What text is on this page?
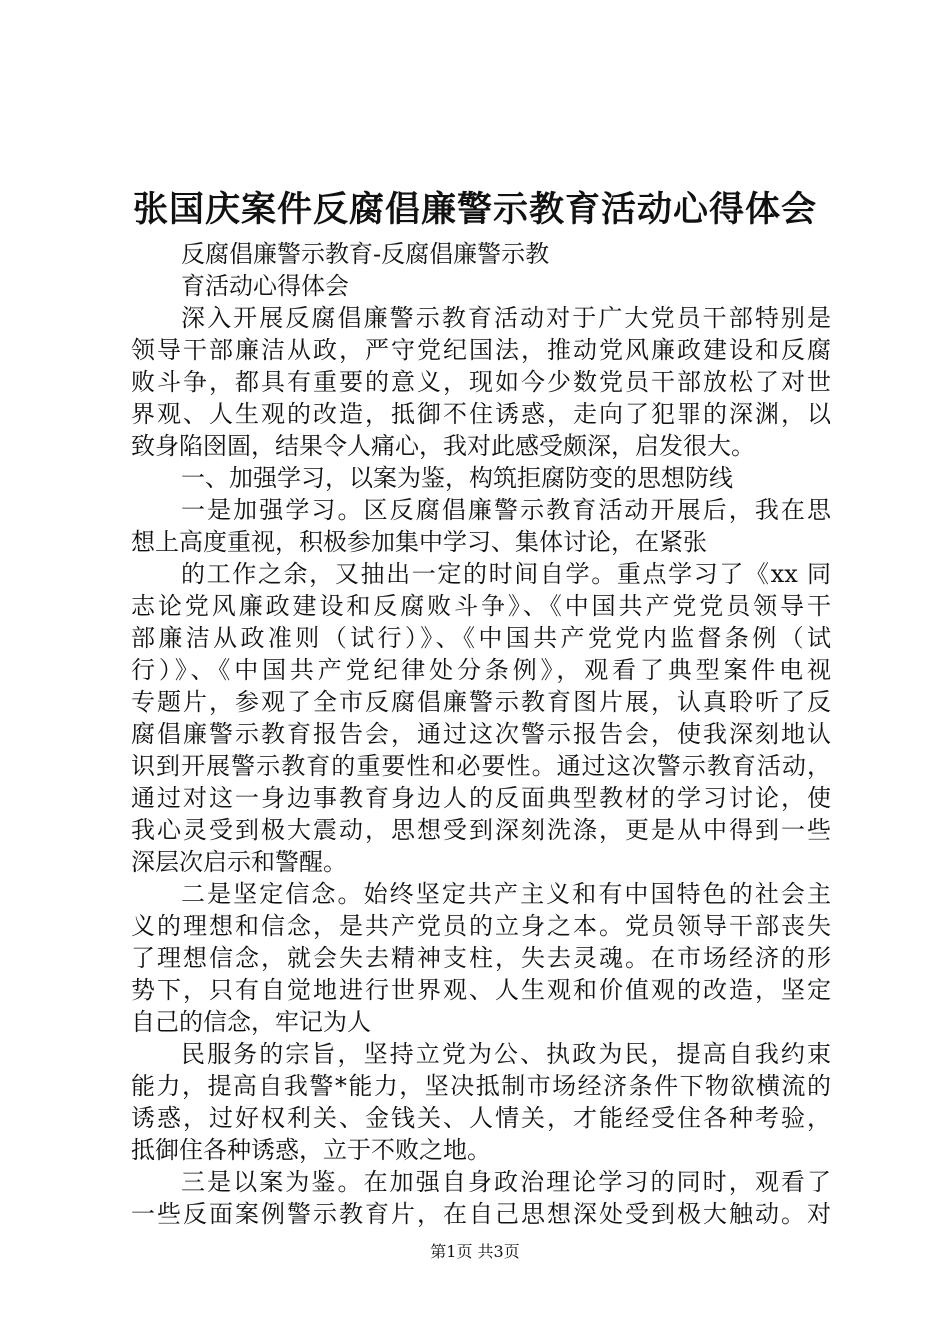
张国庆案件反腐倡廉警示教育活动心得体会
反腐倡廉警示教育-反腐倡廉警示教
育活动心得体会
深入开展反腐倡廉警示教育活动对于广大党员干部特别是
领导干部廉洁从政，严守党纪国法，推动党风廉政建设和反腐
败斗争，都具有重要的意义，现如今少数党员干部放松了对世
界观、人生观的改造，抵御不住诱惑，走向了犯罪的深渊，以
致身陷囹圄，结果令人痛心，我对此感受颇深，启发很大。
一、加强学习，以案为鉴，构筑拒腐防变的思想防线
一是加强学习。区反腐倡廉警示教育活动开展后，我在思
想上高度重视，积极参加集中学习、集体讨论，在紧张
的工作之余，又抽出一定的时间自学。重点学习了《xx 同
志论党风廉政建设和反腐败斗争》、《中国共产党党员领导干
部廉洁从政准则（试行）》、《中国共产党党内监督条例（试
行）》、《中国共产党纪律处分条例》，观看了典型案件电视
专题片，参观了全市反腐倡廉警示教育图片展，认真聆听了反
腐倡廉警示教育报告会，通过这次警示报告会，使我深刻地认
识到开展警示教育的重要性和必要性。通过这次警示教育活动，
通过对这一身边事教育身边人的反面典型教材的学习讨论，使
我心灵受到极大震动，思想受到深刻洗涤，更是从中得到一些
深层次启示和警醒。
二是坚定信念。始终坚定共产主义和有中国特色的社会主
义的理想和信念，是共产党员的立身之本。党员领导干部丧失
了理想信念，就会失去精神支柱，失去灵魂。在市场经济的形
势下，只有自觉地进行世界观、人生观和价值观的改造，坚定
自己的信念，牢记为人
民服务的宗旨，坚持立党为公、执政为民，提高自我约束
能力，提高自我警*能力，坚决抵制市场经济条件下物欲横流的
诱惑，过好权利关、金钱关、人情关，才能经受住各种考验，
抵御住各种诱惑，立于不败之地。
三是以案为鉴。在加强自身政治理论学习的同时，观看了
一些反面案例警示教育片，在自己思想深处受到极大触动。对
第1页 共3页
